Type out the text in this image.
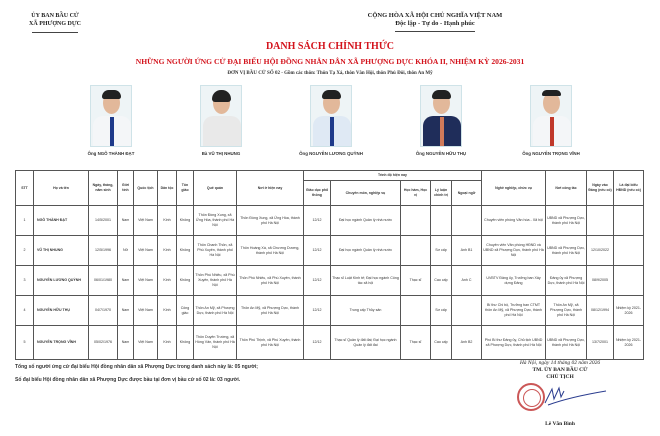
ỦY BAN BẦU CỬ
XÃ PHƯỢNG DỰC
CỘNG HÒA XÃ HỘI CHỦ NGHĨA VIỆT NAM
Độc lập - Tự do - Hạnh phúc
DANH SÁCH CHÍNH THỨC
NHỮNG NGƯỜI ỨNG CỬ ĐẠI BIỂU HỘI ĐỒNG NHÂN DÂN XÃ PHƯỢNG DỰC KHÓA II, NHIỆM KỲ 2026-2031
ĐƠN VỊ BẦU CỬ SỐ 02 - Gồm các thôn: Thôn Tạ Xá, thôn Vân Hội, thôn Phú Đôi, thôn An Mỹ
Ông NGÔ THÀNH ĐẠT	Bà VŨ THỊ NHUNG	Ông NGUYỄN LƯƠNG QUỲNH	Ông NGUYỄN HỮU THỤ	Ông NGUYỄN TRỌNG VĨNH
STT	Họ và tên	Ngày, tháng, năm sinh	Giới tính	Quốc tịch	Dân tộc	Tôn giáo	Quê quán	Nơi ở hiện nay	Trình độ hiện nay					Nghề nghiệp, chức vụ	Nơi công tác	Ngày vào Đảng (nếu có)	Là đại biểu HĐND (nếu có)
									Giáo dục phổ thông	Chuyên môn, nghiệp vụ	Học hàm, Học vị	Lý luận chính trị	Ngoại ngữ				
1	NGÔ THÀNH ĐẠT	14/5/2001	Nam	Việt Nam	Kinh	Không	Thôn Đồng Xung, xã Ứng Hòa, thành phố Hà Nội	Thôn Đồng Xung, xã Ứng Hòa, thành phố Hà Nội	12/12	Đại học ngành Quản lý nhà nước				Chuyên viên phòng Văn hóa - Xã hội	UBND xã Phượng Dực, thành phố Hà Nội		
2	VŨ THỊ NHUNG	12/5/1996	Nữ	Việt Nam	Kinh	Không	Thôn Chanh Thôn, xã Phú Xuyên, thành phố Hà Nội	Thôn Hoàng Xá, xã Chương Dương, thành phố Hà Nội	12/12	Đại học ngành Quản lý nhà nước		Sơ cấp	Anh B1	Chuyên viên Văn phòng HĐND và UBND xã Phượng Dực, thành phố Hà Nội	UBND xã Phượng Dực, thành phố Hà Nội	12/10/2022	
3	NGUYỄN LƯƠNG QUỲNH	06/01/1980	Nam	Việt Nam	Kinh	Không	Thôn Phú Nhiêu, xã Phú Xuyên, thành phố Hà Nội	Thôn Phú Nhiêu, xã Phú Xuyên, thành phố Hà Nội	12/12	Thạc sĩ Luật Kinh tế; Đại học ngành Công tác xã hội	Thạc sĩ	Cao cấp	Anh C	UVBTV Đảng ủy, Trưởng ban Xây dựng Đảng	Đảng ủy xã Phượng Dực, thành phố Hà Nội	08/9/2005	
4	NGUYỄN HỮU THỤ	04/7/1970	Nam	Việt Nam	Kinh	Công giáo	Thôn An Mỹ, xã Phượng Dực, thành phố Hà Nội	Thôn An Mỹ, xã Phượng Dực, thành phố Hà Nội	12/12	Trung cấp Thủy sản		Sơ cấp		Bí thư Chi bộ, Trưởng ban CTMT thôn An Mỹ, xã Phượng Dực, thành phố Hà Nội	Thôn An Mỹ, xã Phượng Dực, thành phố Hà Nội	08/12/1994	Nhiệm kỳ 2021-2026
5	NGUYỄN TRỌNG VĨNH	05/02/1976	Nam	Việt Nam	Kinh	Không	Thôn Duyên Trường, xã Hồng Vân, thành phố Hà Nội	Thôn Phú Thịnh, xã Phú Xuyên, thành phố Hà Nội	12/12	Thạc sĩ Quản lý đất đai; Đại học ngành Quản lý đất đai	Thạc sĩ	Cao cấp	Anh B2	Phó Bí thư Đảng ủy, Chủ tịch UBND xã Phượng Dực, thành phố Hà Nội	UBND xã Phượng Dực, thành phố Hà Nội	13/7/2001	Nhiệm kỳ 2021-2026
Tổng số người ứng cử đại biểu Hội đồng nhân dân xã Phượng Dực trong danh sách này là: 05 người;
Số đại biểu Hội đồng nhân dân xã Phượng Dực được bầu tại đơn vị bầu cử số 02 là: 03 người.
Hà Nội, ngày 14 tháng 02 năm 2026
TM. ỦY BAN BẦU CỬ
CHỦ TỊCH
Lê Văn Bình
